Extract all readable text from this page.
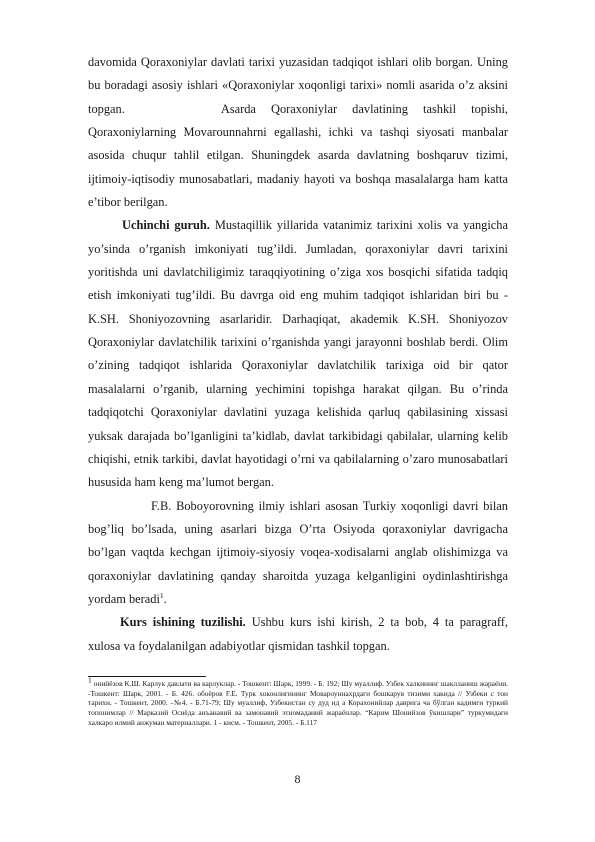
davomida Qoraxoniylar davlati tarixi yuzasidan tadqiqot ishlari olib borgan. Uning bu boradagi asosiy ishlari «Qoraxoniylar xoqonligi tarixi» nomli asarida o’z aksini topgan.	Asarda Qoraxoniylar davlatining tashkil topishi, Qoraxoniylarning Movarounnahrni egallashi, ichki va tashqi siyosati manbalar asosida chuqur tahlil etilgan. Shuningdek asarda davlatning boshqaruv tizimi, ijtimoiy-iqtisodiy munosabatlari, madaniy hayoti va boshqa masalalarga ham katta e’tibor berilgan.

Uchinchi guruh. Mustaqillik yillarida vatanimiz tarixini xolis va yangicha yo’sinda o’rganish imkoniyati tug’ildi. Jumladan, qoraxoniylar davri tarixini yoritishda uni davlatchiligimiz taraqqiyotining o’ziga xos bosqichi sifatida tadqiq etish imkoniyati tug’ildi. Bu davrga oid eng muhim tadqiqot ishlaridan biri bu - K.SH. Shoniyozovning asarlaridir. Darhaqiqat, akademik K.SH. Shoniyozov Qoraxoniylar davlatchilik tarixini o’rganishda yangi jarayonni boshlab berdi. Olim o’zining tadqiqot ishlarida Qoraxoniylar davlatchilik tarixiga oid bir qator masalalarni o’rganib, ularning yechimini topishga harakat qilgan. Bu o’rinda tadqiqotchi Qoraxoniylar davlatini yuzaga kelishida qarluq qabilasining xissasi yuksak darajada bo’lganligini ta’kidlab, davlat tarkibidagi qabilalar, ularning kelib chiqishi, etnik tarkibi, davlat hayotidagi o’rni va qabilalarning o’zaro munosabatlari hususida ham keng ma’lumot bergan.

F.B. Boboyorovning ilmiy ishlari asosan Turkiy xoqonligi davri bilan bog’liq bo’lsada, uning asarlari bizga O’rta Osiyoda qoraxoniylar davrigacha bo’lgan vaqtda kechgan ijtimoiy-siyosiy voqea-xodisalarni anglab olishimizga va qoraxoniylar davlatining qanday sharoitda yuzaga kelganligini oydinlashtirishga yordam beradi$^1$.

Kurs ishining tuzilishi. Ushbu kurs ishi kirish, 2 ta bob, 4 ta paragraff, xulosa va foydalanilgan adabiyotlar qismidan tashkil topgan.

$^1$ онийёзов К.Ш. Карлук давлати ва карлуклар. - Тошкент: Шарк, 1999. - Б. 192; Шу муаллиф. Узбек халкининг шаклланиш жараёни. -Тошкент: Шарк, 2001. - Б. 426. обоёров F.E. Турк хоконлигининг Мовароуннахрдаги бошкарув тизими хакида // Узбеки с тон тарихи. - Тошкент, 2000. -№4. - Б.71-79; Шу муаллиф, Узбекистан су дуд ид а Корахонийлар даврига ча бўлган кадимги туркий топонимлар // Марказий Осиёда анъанавий ва замонавий этномаданий жараёнлар. “Карим Шонийзов ўкишлари” туркумидаги халкаро илмий анжуман материаллари. 1 - киcм. - Тошкент, 2005. - Б.117
8
